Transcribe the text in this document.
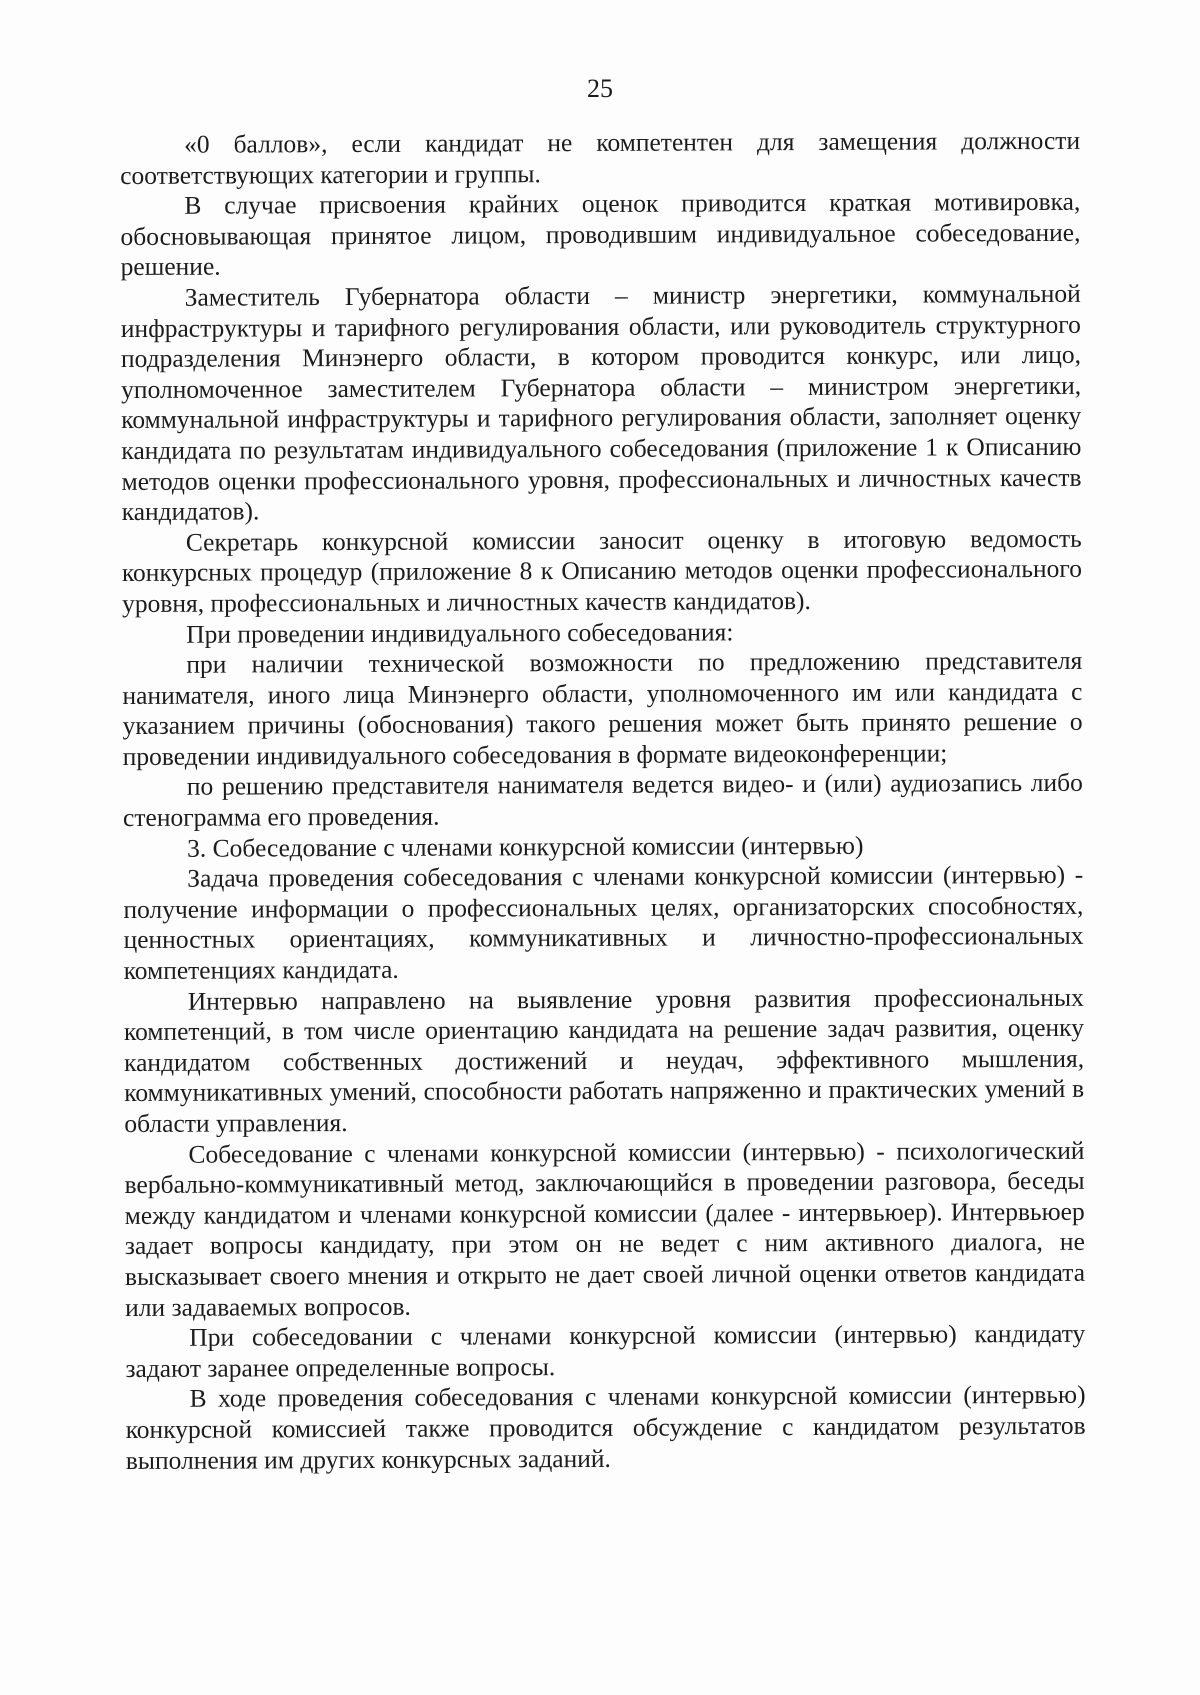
25

«0 баллов», если кандидат не компетентен для замещения должности соответствующих категории и группы.

В случае присвоения крайних оценок приводится краткая мотивировка, обосновывающая принятое лицом, проводившим индивидуальное собеседование, решение.

Заместитель Губернатора области – министр энергетики, коммунальной инфраструктуры и тарифного регулирования области, или руководитель структурного подразделения Минэнерго области, в котором проводится конкурс, или лицо, уполномоченное заместителем Губернатора области – министром энергетики, коммунальной инфраструктуры и тарифного регулирования области, заполняет оценку кандидата по результатам индивидуального собеседования (приложение 1 к Описанию методов оценки профессионального уровня, профессиональных и личностных качеств кандидатов).

Секретарь конкурсной комиссии заносит оценку в итоговую ведомость конкурсных процедур (приложение 8 к Описанию методов оценки профессионального уровня, профессиональных и личностных качеств кандидатов).

При проведении индивидуального собеседования:

при наличии технической возможности по предложению представителя нанимателя, иного лица Минэнерго области, уполномоченного им или кандидата с указанием причины (обоснования) такого решения может быть принято решение о проведении индивидуального собеседования в формате видеоконференции;

по решению представителя нанимателя ведется видео- и (или) аудиозапись либо стенограмма его проведения.

3. Собеседование с членами конкурсной комиссии (интервью)

Задача проведения собеседования с членами конкурсной комиссии (интервью) - получение информации о профессиональных целях, организаторских способностях, ценностных ориентациях, коммуникативных и личностно-профессиональных компетенциях кандидата.

Интервью направлено на выявление уровня развития профессиональных компетенций, в том числе ориентацию кандидата на решение задач развития, оценку кандидатом собственных достижений и неудач, эффективного мышления, коммуникативных умений, способности работать напряженно и практических умений в области управления.

Собеседование с членами конкурсной комиссии (интервью) - психологический вербально-коммуникативный метод, заключающийся в проведении разговора, беседы между кандидатом и членами конкурсной комиссии (далее - интервьюер). Интервьюер задает вопросы кандидату, при этом он не ведет с ним активного диалога, не высказывает своего мнения и открыто не дает своей личной оценки ответов кандидата или задаваемых вопросов.

При собеседовании с членами конкурсной комиссии (интервью) кандидату задают заранее определенные вопросы.

В ходе проведения собеседования с членами конкурсной комиссии (интервью) конкурсной комиссией также проводится обсуждение с кандидатом результатов выполнения им других конкурсных заданий.
